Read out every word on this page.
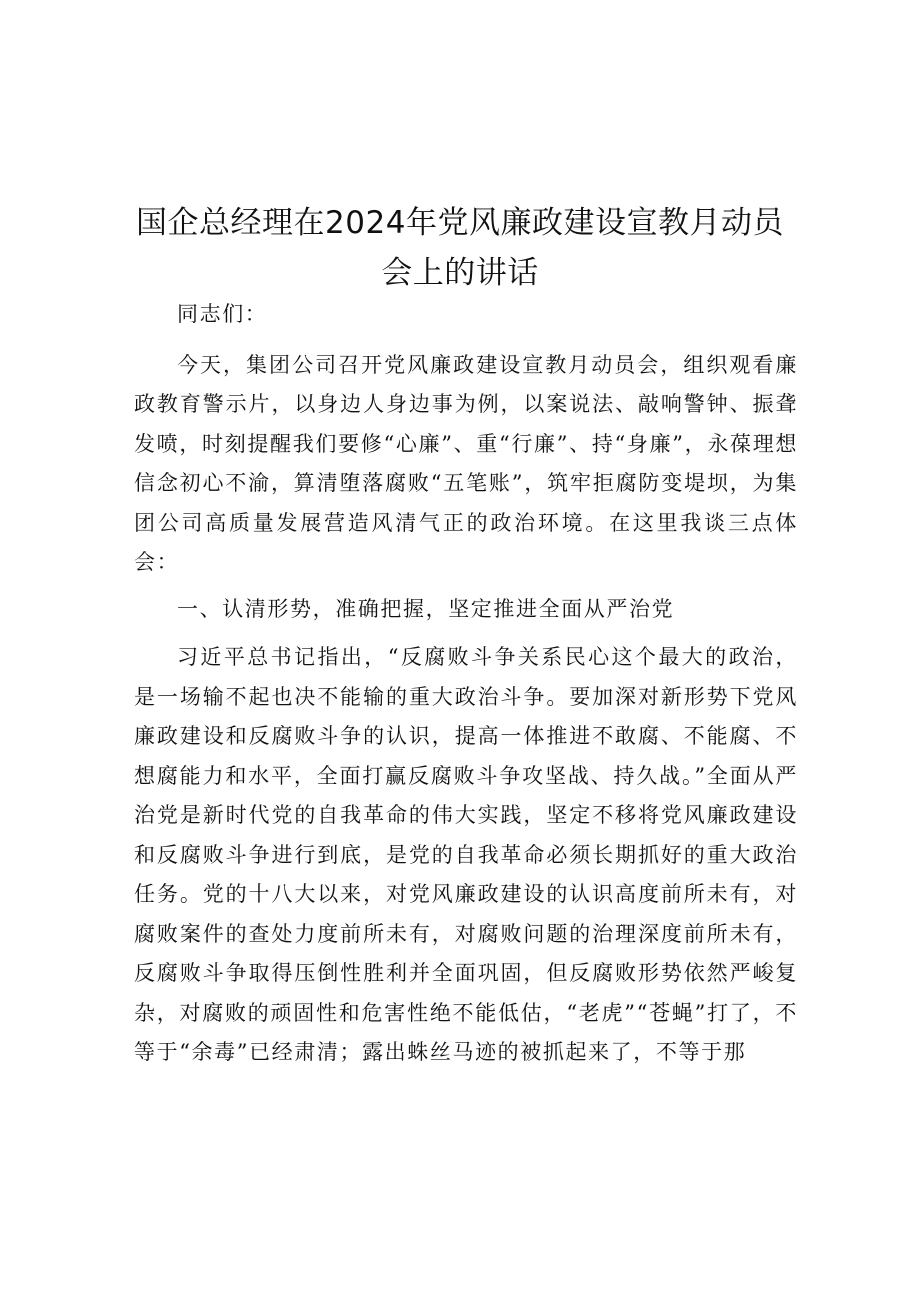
国企总经理在2024年党风廉政建设宣教月动员
会上的讲话

同志们：

今天，集团公司召开党风廉政建设宣教月动员会，组织观看廉政教育警示片，以身边人身边事为例，以案说法、敲响警钟、振聋发喷，时刻提醒我们要修“心廉”、重“行廉”、持“身廉”，永葆理想信念初心不渝，算清堕落腐败“五笔账”，筑牢拒腐防变堤坝，为集团公司高质量发展营造风清气正的政治环境。在这里我谈三点体会：

一、认清形势，准确把握，坚定推进全面从严治党

习近平总书记指出，“反腐败斗争关系民心这个最大的政治，是一场输不起也决不能输的重大政治斗争。要加深对新形势下党风廉政建设和反腐败斗争的认识，提高一体推进不敢腐、不能腐、不想腐能力和水平，全面打赢反腐败斗争攻坚战、持久战。”全面从严治党是新时代党的自我革命的伟大实践，坚定不移将党风廉政建设和反腐败斗争进行到底，是党的自我革命必须长期抓好的重大政治任务。党的十八大以来，对党风廉政建设的认识高度前所未有，对腐败案件的查处力度前所未有，对腐败问题的治理深度前所未有，反腐败斗争取得压倒性胜利并全面巩固，但反腐败形势依然严峻复杂，对腐败的顽固性和危害性绝不能低估，“老虎”“苍蝇”打了，不等于“余毒”已经肃清；露出蛛丝马迹的被抓起来了，不等于那
